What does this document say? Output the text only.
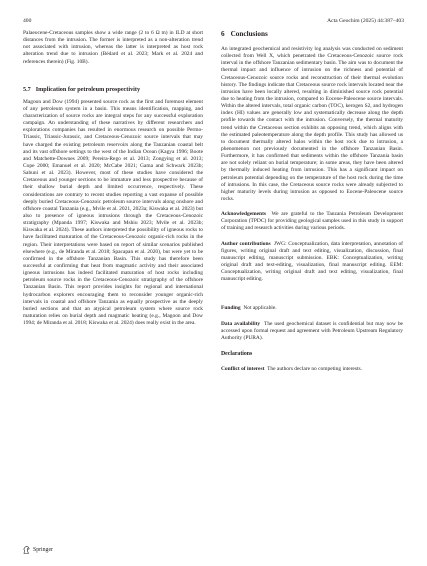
400	Acta Geochim (2025) 44:387–403

Palaeocene-Cretaceous samples show a wide range (2 to 6 Ω m) in ILD at short distances from the intrusion. The former is interpreted as a non-alteration trend not associated with intrusion, whereas the latter is interpreted as host rock alteration trend due to intrusion (Bédard et al. 2023; Mark et al. 2024 and references therein) (Fig. 10B).

5.7 Implication for petroleum prospectivity

Magoon and Dow (1994) presented source rock as the first and foremost element of any petroleum system in a basin. This means identification, mapping, and characterization of source rocks are integral steps for any successful exploration campaign. An understanding of these narratives by different researchers and explorations companies has resulted in enormous research on possible Permo-Triassic, Triassic-Jurassic, and Cretaceous-Cenozoic source intervals that may have charged the existing petroleum reservoirs along the Tanzanian coastal belt and its vast offshore settings to the west of the Indian Ocean (Kagya 1996; Boote and Matchette-Downes 2009; Pereira-Rego et al. 2013; Zongying et al. 2013; Cope 2000; Emanuel et al. 2020; McCabe 2021; Gama and Schwark 2023b; Sabuni et al. 2023). However, most of these studies have considered the Cretaceous and younger sections to be immature and less prospective because of their shallow burial depth and limited occurrence, respectively. These considerations are contrary to recent studies reporting a vast expanse of possible deeply buried Cretaceous-Cenozoic petroleum source intervals along onshore and offshore coastal Tanzania (e.g., Mvile et al. 2021, 2023a; Kiswaka et al. 2023) but also to presence of igneous intrusions through the Cretaceous-Cenozoic stratigraphy (Mpanda 1997; Kiswaka and Mshiu 2023; Mvile et al. 2023b; Kiswaka et al. 2024). These authors interpreted the possibility of igneous rocks to have facilitated maturation of the Cretaceous-Cenozoic organic-rich rocks in the region. Their interpretations were based on report of similar scenarios published elsewhere (e.g., de Miranda et al. 2018; Spacapan et al. 2020), but were yet to be confirmed in the offshore Tanzanian Basin. This study has therefore been successful at confirming that heat from magmatic activity and their associated igneous intrusions has indeed facilitated maturation of host rocks including petroleum source rocks in the Cretaceous-Cenozoic stratigraphy of the offshore Tanzanian Basin. This report provides insights for regional and international hydrocarbon explorers encouraging them to reconsider younger organic-rich intervals in coastal and offshore Tanzania as equally prospective as the deeply buried sections and that an atypical petroleum system where source rock maturation relies on burial depth and magmatic heating (e.g., Magoon and Dow 1994; de Miranda et al. 2018; Kiswaka et al. 2024) does really exist in the area.

6 Conclusions

An integrated geochemical and resistivity log analysis was conducted on sediment collected from Well X, which penetrated the Cretaceous-Cenozoic source rock interval in the offshore Tanzanian sedimentary basin. The aim was to document the thermal impact and influence of intrusion on the richness and potential of Cretaceous-Cenozoic source rocks and reconstruction of their thermal evolution history. The findings indicate that Cretaceous source rock intervals located near the intrusion have been locally altered, resulting in diminished source rock potential due to heating from the intrusion, compared to Eocene-Paleocene source intervals. Within the altered intervals, total organic carbon (TOC), kerogen S2, and hydrogen index (HI) values are generally low and systematically decrease along the depth profile towards the contact with the intrusion. Conversely, the thermal maturity trend within the Cretaceous section exhibits an opposing trend, which aligns with the estimated paleotemperature along the depth profile. This study has allowed us to document thermally altered halos within the host rock due to intrusion, a phenomenon not previously documented in the offshore Tanzanian Basin. Furthermore, it has confirmed that sediments within the offshore Tanzania basin are not solely reliant on burial temperature; in some areas, they have been altered by thermally induced heating from intrusion. This has a significant impact on petroleum potential depending on the temperature of the host rock during the time of intrusions. In this case, the Cretaceous source rocks were already subjected to higher maturity levels during intrusion as opposed to Eocene-Paleocene source rocks.

Acknowledgements We are grateful to the Tanzania Petroleum Development Corporation (TPDC) for providing geological samples used in this study in support of training and research activities during various periods.

Author contributions JWG: Conceptualization, data interpretation, annotation of figures, writing original draft and text editing, visualization, discussion, final manuscript editing, manuscript submission. EBK: Conceptualization, writing original draft and text-editing, visualization, final manuscript editing. EEM: Conceptualization, writing original draft and text editing, visualization, final manuscript editing.

Funding Not applicable.

Data availability The used geochemical dataset is confidential but may now be accessed upon formal request and agreement with Petroleum Upstream Regulatory Authority (PURA).

Declarations

Conflict of interest The authors declare no competing interests.

Springer
